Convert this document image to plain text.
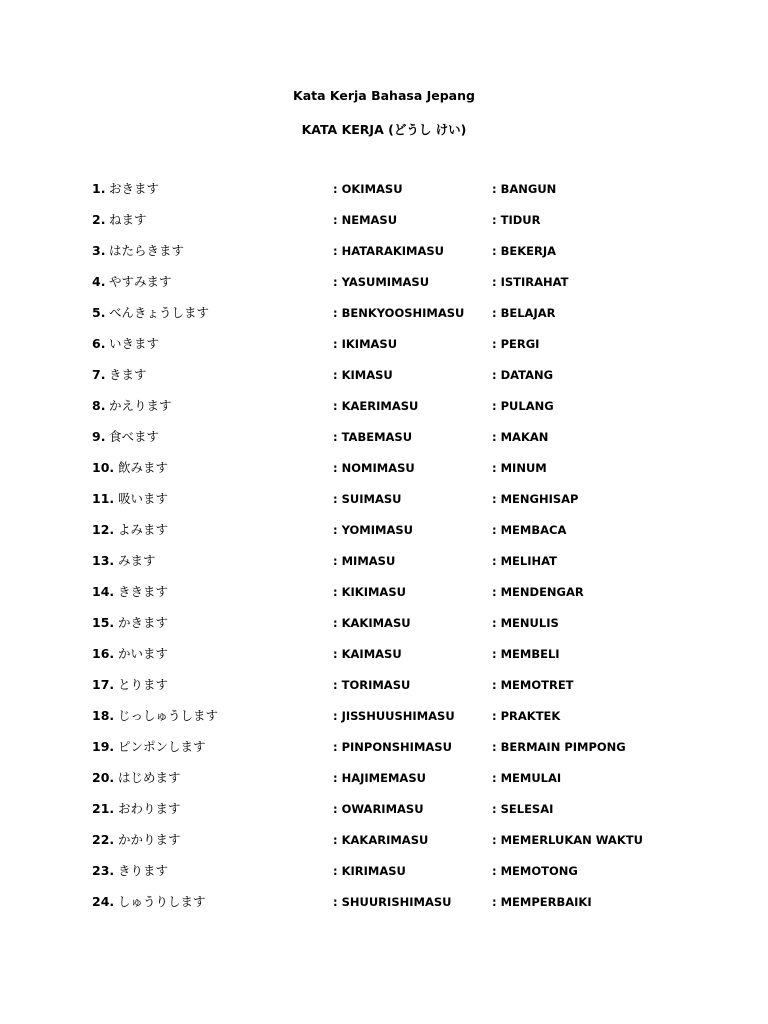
Kata Kerja Bahasa Jepang
KATA KERJA (どうし けい)
1. おきます	: OKIMASU	: BANGUN
2. ねます	: NEMASU	: TIDUR
3. はたらきます	: HATARAKIMASU	: BEKERJA
4. やすみます	: YASUMIMASU	: ISTIRAHAT
5. べんきょうします	: BENKYOOSHIMASU : BELAJAR
6. いきます	: IKIMASU	: PERGI
7. きます	: KIMASU	: DATANG
8. かえります	: KAERIMASU	: PULANG
9. 食べます	: TABEMASU	: MAKAN
10. 飲みます	: NOMIMASU	: MINUM
11. 吸います	: SUIMASU	: MENGHISAP
12. よみます	: YOMIMASU	: MEMBACA
13. みます	: MIMASU	: MELIHAT
14. ききます	: KIKIMASU	: MENDENGAR
15. かきます	: KAKIMASU	: MENULIS
16. かいます	: KAIMASU	: MEMBELI
17. とります	: TORIMASU	: MEMOTRET
18. じっしゅうします	: JISSHUUSHIMASU	: PRAKTEK
19. ピンポンします	: PINPONSHIMASU	: BERMAIN PIMPONG
20. はじめます	: HAJIMEMASU	: MEMULAI
21. おわります	: OWARIMASU	: SELESAI
22. かかります	: KAKARIMASU	: MEMERLUKAN WAKTU
23. きります	: KIRIMASU	: MEMOTONG
24. しゅうりします	: SHUURISHIMASU	: MEMPERBAIKI
